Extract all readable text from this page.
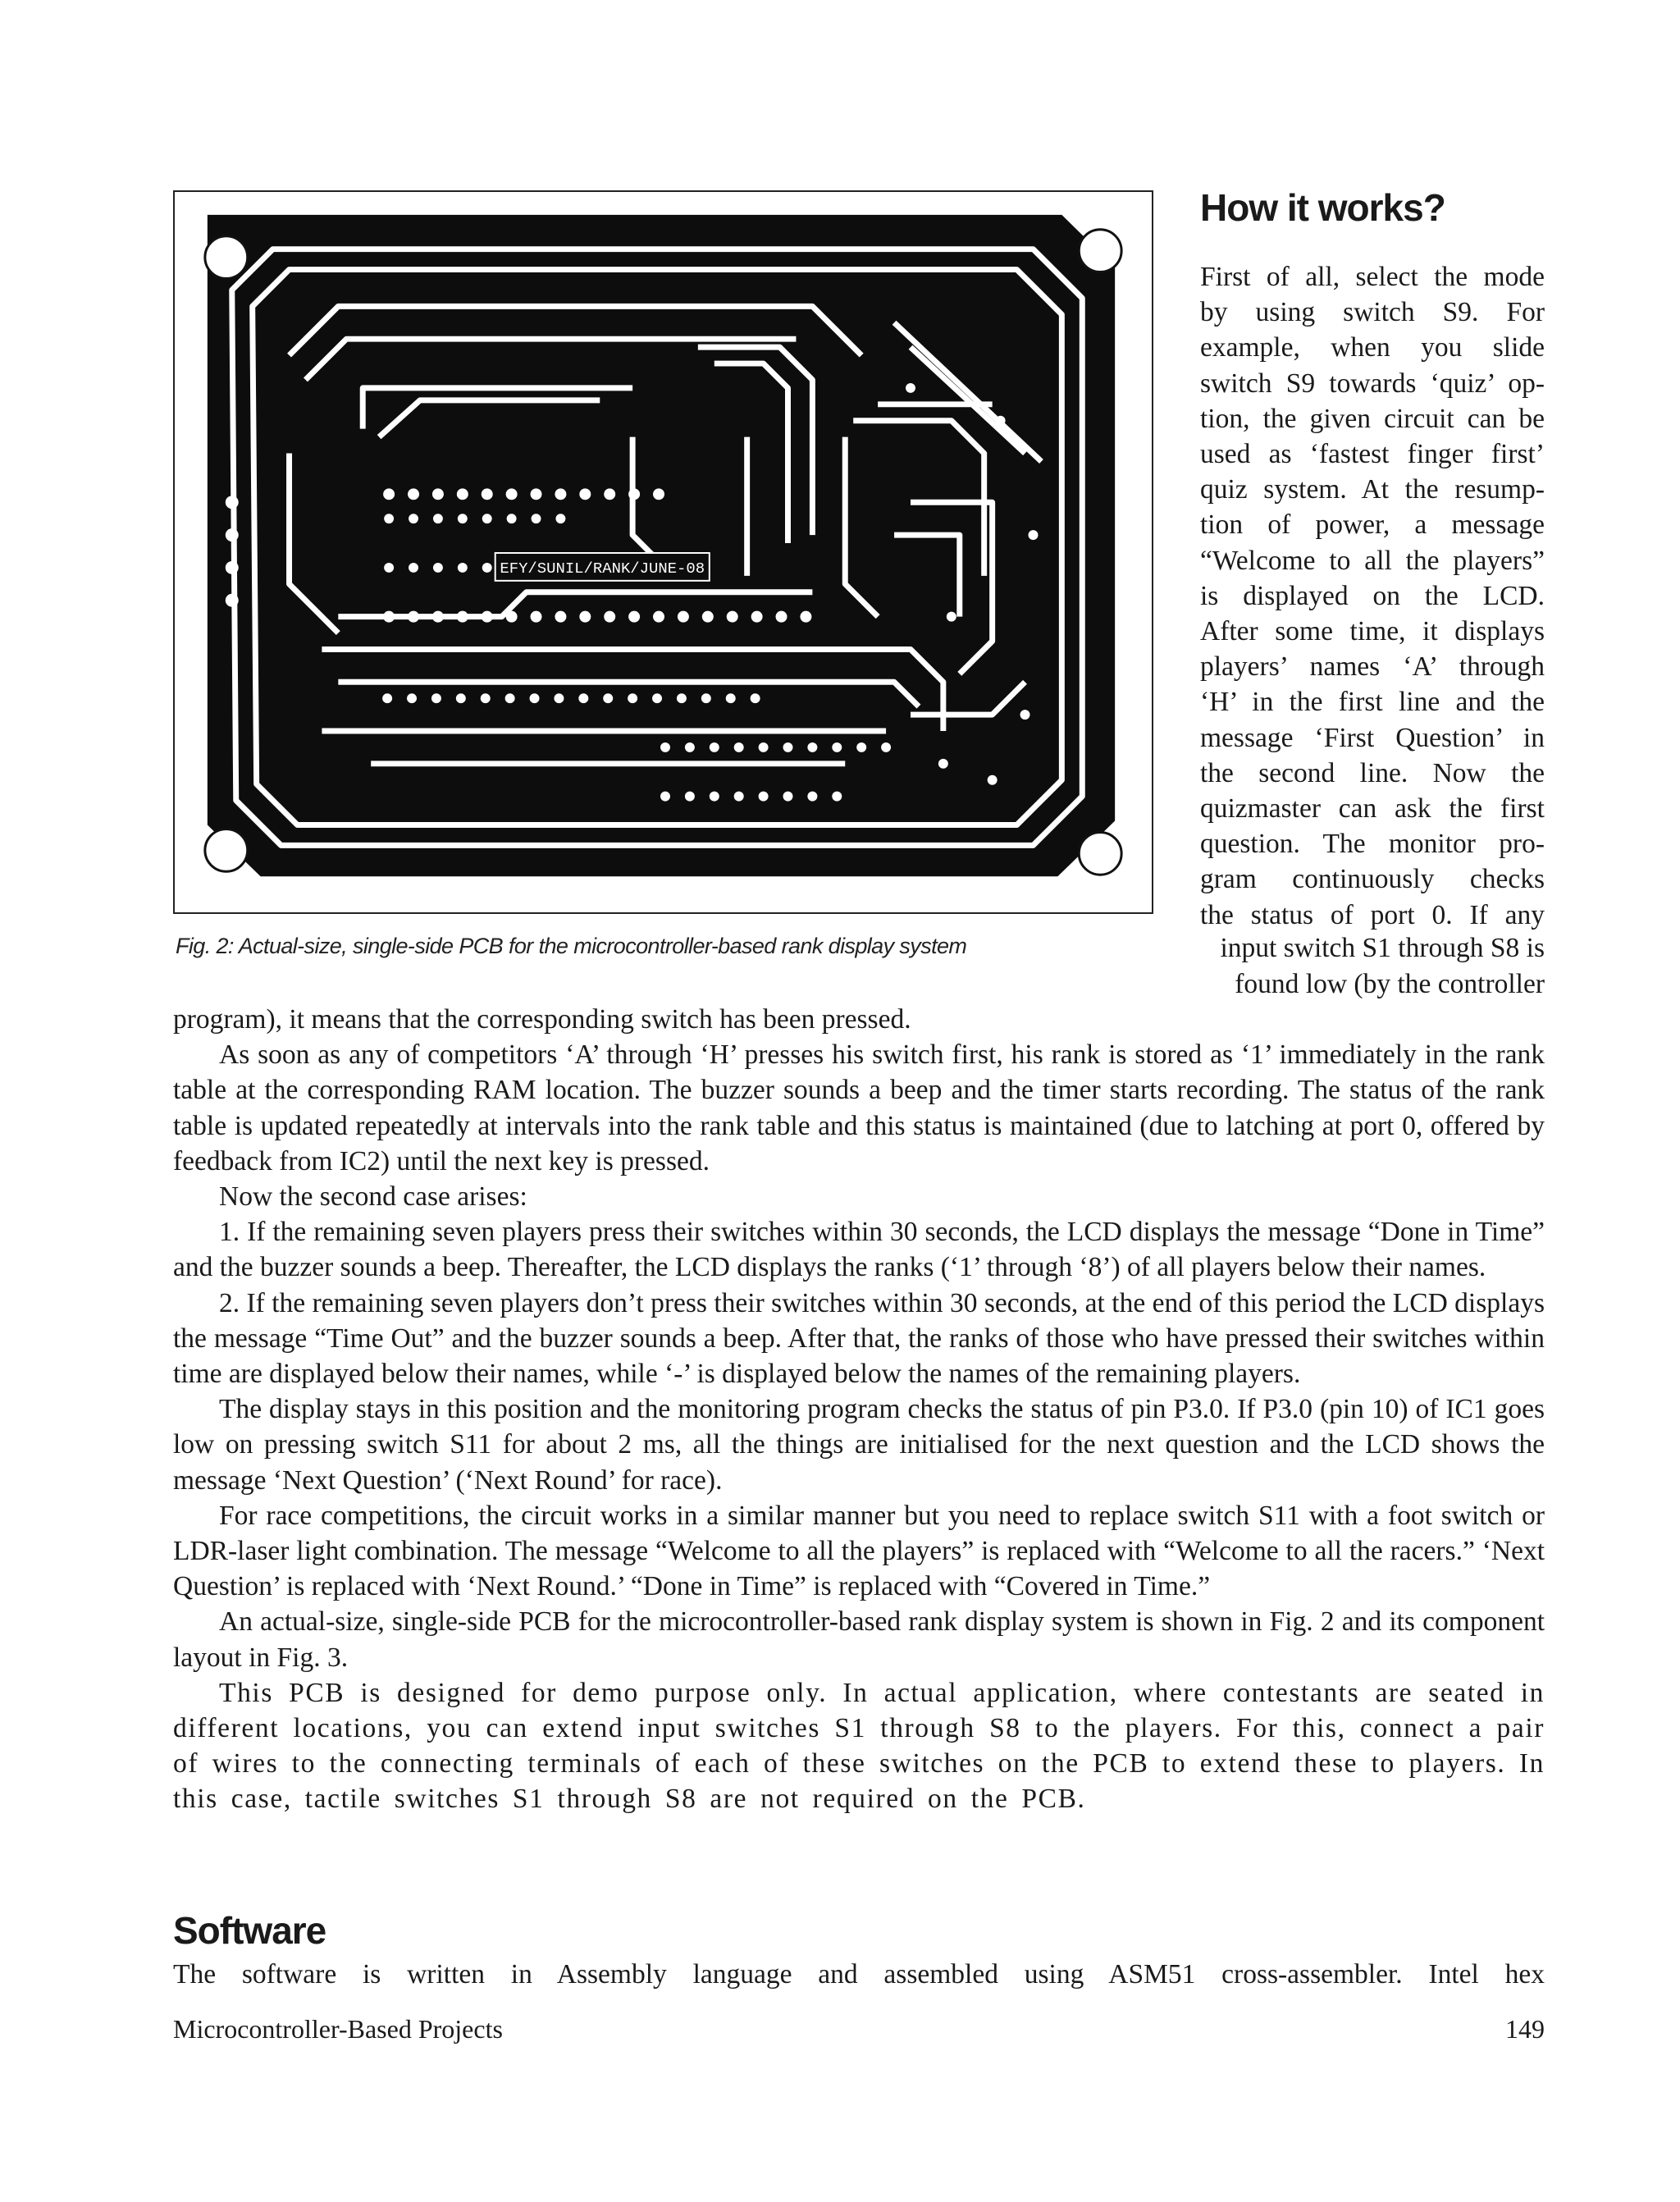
EFY/SUNIL/RANK/JUNE-08
Fig. 2: Actual-size, single-side PCB for the microcontroller-based rank display system
How it works?
First of all, select the mode
by using switch S9. For
example, when you slide
switch S9 towards ‘quiz’ op-
tion, the given circuit can be
used as ‘fastest finger first’
quiz system. At the resump-
tion of power, a message
“Welcome to all the players”
is displayed on the LCD.
After some time, it displays
players’ names ‘A’ through
‘H’ in the first line and the
message ‘First Question’ in
the second line. Now the
quizmaster can ask the first
question. The monitor pro-
gram continuously checks
the status of port 0. If any
input switch S1 through S8 is
found low (by the controller

program), it means that the corresponding switch has been pressed.

As soon as any of competitors ‘A’ through ‘H’ presses his switch first, his rank is stored as ‘1’ immediately in the rank table at the corresponding RAM location. The buzzer sounds a beep and the timer starts recording. The status of the rank table is updated repeatedly at intervals into the rank table and this status is maintained (due to latching at port 0, offered by feedback from IC2) until the next key is pressed.

Now the second case arises:

1. If the remaining seven players press their switches within 30 seconds, the LCD displays the message “Done in Time” and the buzzer sounds a beep. Thereafter, the LCD displays the ranks (‘1’ through ‘8’) of all players below their names.

2. If the remaining seven players don’t press their switches within 30 seconds, at the end of this period the LCD displays the message “Time Out” and the buzzer sounds a beep. After that, the ranks of those who have pressed their switches within time are displayed below their names, while ‘-’ is displayed below the names of the remaining players.

The display stays in this position and the monitoring program checks the status of pin P3.0. If P3.0 (pin 10) of IC1 goes low on pressing switch S11 for about 2 ms, all the things are initialised for the next question and the LCD shows the message ‘Next Question’ (‘Next Round’ for race).

For race competitions, the circuit works in a similar manner but you need to replace switch S11 with a foot switch or LDR-laser light combination. The message “Welcome to all the players” is replaced with “Welcome to all the racers.” ‘Next Question’ is replaced with ‘Next Round.’ “Done in Time” is replaced with “Covered in Time.”

An actual-size, single-side PCB for the microcontroller-based rank display system is shown in Fig. 2 and its component layout in Fig. 3.

This PCB is designed for demo purpose only. In actual application, where contestants are seated in different locations, you can extend input switches S1 through S8 to the players. For this, connect a pair of wires to the connecting terminals of each of these switches on the PCB to extend these to players. In this case, tactile switches S1 through S8 are not required on the PCB.

Software
The software is written in Assembly language and assembled using ASM51 cross-assembler. Intel hex
Microcontroller-Based Projects	149
